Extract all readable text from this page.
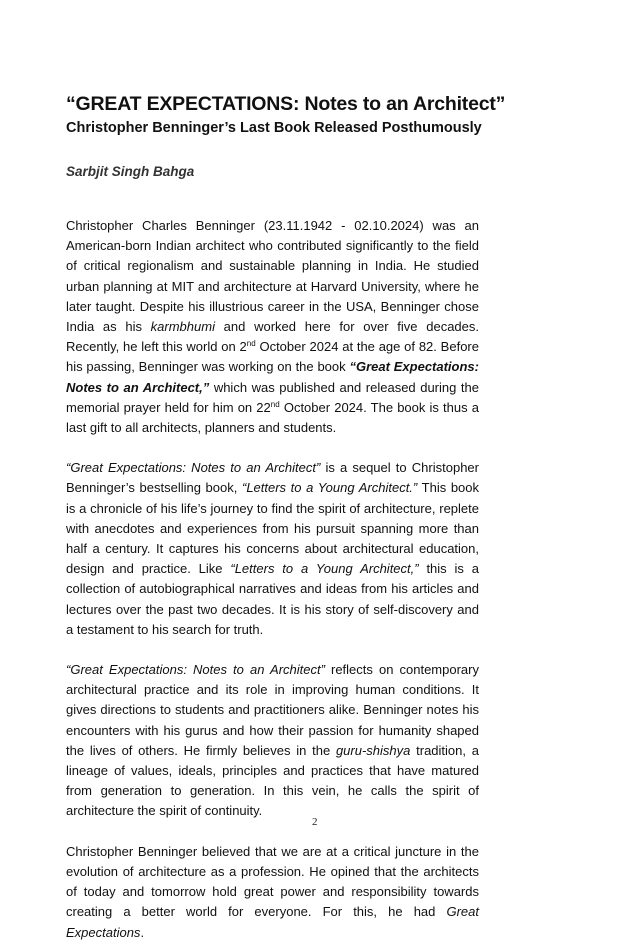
“GREAT EXPECTATIONS: Notes to an Architect”
Christopher Benninger’s Last Book Released Posthumously

Sarbjit Singh Bahga

Christopher Charles Benninger (23.11.1942 - 02.10.2024) was an American-born Indian architect who contributed significantly to the field of critical regionalism and sustainable planning in India. He studied urban planning at MIT and architecture at Harvard University, where he later taught. Despite his illustrious career in the USA, Benninger chose India as his karmbhumi and worked here for over five decades. Recently, he left this world on 2nd October 2024 at the age of 82. Before his passing, Benninger was working on the book “Great Expectations: Notes to an Architect,” which was published and released during the memorial prayer held for him on 22nd October 2024. The book is thus a last gift to all architects, planners and students.

“Great Expectations: Notes to an Architect” is a sequel to Christopher Benninger’s bestselling book, “Letters to a Young Architect.” This book is a chronicle of his life’s journey to find the spirit of architecture, replete with anecdotes and experiences from his pursuit spanning more than half a century. It captures his concerns about architectural education, design and practice. Like “Letters to a Young Architect,” this is a collection of autobiographical narratives and ideas from his articles and lectures over the past two decades. It is his story of self-discovery and a testament to his search for truth.

“Great Expectations: Notes to an Architect” reflects on contemporary architectural practice and its role in improving human conditions. It gives directions to students and practitioners alike. Benninger notes his encounters with his gurus and how their passion for humanity shaped the lives of others. He firmly believes in the guru-shishya tradition, a lineage of values, ideals, principles and practices that have matured from generation to generation. In this vein, he calls the spirit of architecture the spirit of continuity.

Christopher Benninger believed that we are at a critical juncture in the evolution of architecture as a profession. He opined that the architects of today and tomorrow hold great power and responsibility towards creating a better world for everyone. For this, he had Great Expectations.

2
